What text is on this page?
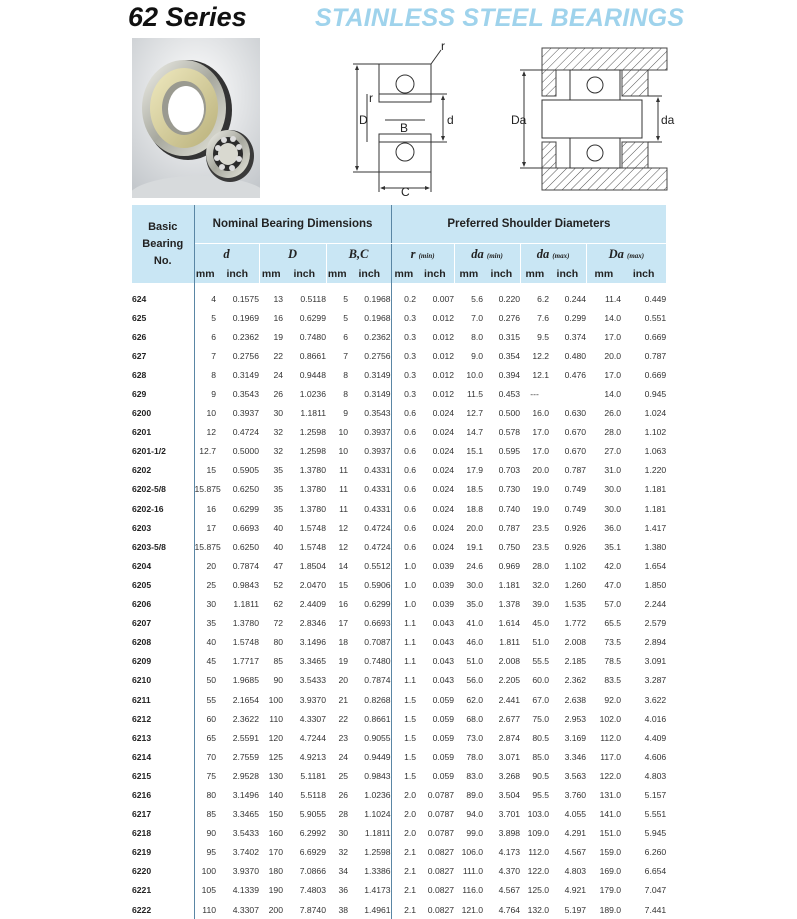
62 Series	STAINLESS STEEL BEARINGS
D
r
B
d
C
r
Da	da
Basic
Bearing
No.	Nominal Bearing Dimensions						Preferred Shoulder Diameters							
	d		D		B,C		r (min)		da (min)		da (max)		Da (max)	
	mm	inch	mm	inch	mm	inch	mm	inch	mm	inch	mm	inch	mm	inch

624	4	0.1575	13	0.5118	5	0.1968	0.2	0.007	5.6	0.220	6.2	0.244	11.4	0.449
625	5	0.1969	16	0.6299	5	0.1968	0.3	0.012	7.0	0.276	7.6	0.299	14.0	0.551
626	6	0.2362	19	0.7480	6	0.2362	0.3	0.012	8.0	0.315	9.5	0.374	17.0	0.669
627	7	0.2756	22	0.8661	7	0.2756	0.3	0.012	9.0	0.354	12.2	0.480	20.0	0.787
628	8	0.3149	24	0.9448	8	0.3149	0.3	0.012	10.0	0.394	12.1	0.476	17.0	0.669
629	9	0.3543	26	1.0236	8	0.3149	0.3	0.012	11.5	0.453	---		14.0	0.945
6200	10	0.3937	30	1.1811	9	0.3543	0.6	0.024	12.7	0.500	16.0	0.630	26.0	1.024
6201	12	0.4724	32	1.2598	10	0.3937	0.6	0.024	14.7	0.578	17.0	0.670	28.0	1.102
6201-1/2	12.7	0.5000	32	1.2598	10	0.3937	0.6	0.024	15.1	0.595	17.0	0.670	27.0	1.063
6202	15	0.5905	35	1.3780	11	0.4331	0.6	0.024	17.9	0.703	20.0	0.787	31.0	1.220
6202-5/8	15.875	0.6250	35	1.3780	11	0.4331	0.6	0.024	18.5	0.730	19.0	0.749	30.0	1.181
6202-16	16	0.6299	35	1.3780	11	0.4331	0.6	0.024	18.8	0.740	19.0	0.749	30.0	1.181
6203	17	0.6693	40	1.5748	12	0.4724	0.6	0.024	20.0	0.787	23.5	0.926	36.0	1.417
6203-5/8	15.875	0.6250	40	1.5748	12	0.4724	0.6	0.024	19.1	0.750	23.5	0.926	35.1	1.380
6204	20	0.7874	47	1.8504	14	0.5512	1.0	0.039	24.6	0.969	28.0	1.102	42.0	1.654
6205	25	0.9843	52	2.0470	15	0.5906	1.0	0.039	30.0	1.181	32.0	1.260	47.0	1.850
6206	30	1.1811	62	2.4409	16	0.6299	1.0	0.039	35.0	1.378	39.0	1.535	57.0	2.244
6207	35	1.3780	72	2.8346	17	0.6693	1.1	0.043	41.0	1.614	45.0	1.772	65.5	2.579
6208	40	1.5748	80	3.1496	18	0.7087	1.1	0.043	46.0	1.811	51.0	2.008	73.5	2.894
6209	45	1.7717	85	3.3465	19	0.7480	1.1	0.043	51.0	2.008	55.5	2.185	78.5	3.091
6210	50	1.9685	90	3.5433	20	0.7874	1.1	0.043	56.0	2.205	60.0	2.362	83.5	3.287
6211	55	2.1654	100	3.9370	21	0.8268	1.5	0.059	62.0	2.441	67.0	2.638	92.0	3.622
6212	60	2.3622	110	4.3307	22	0.8661	1.5	0.059	68.0	2.677	75.0	2.953	102.0	4.016
6213	65	2.5591	120	4.7244	23	0.9055	1.5	0.059	73.0	2.874	80.5	3.169	112.0	4.409
6214	70	2.7559	125	4.9213	24	0.9449	1.5	0.059	78.0	3.071	85.0	3.346	117.0	4.606
6215	75	2.9528	130	5.1181	25	0.9843	1.5	0.059	83.0	3.268	90.5	3.563	122.0	4.803
6216	80	3.1496	140	5.5118	26	1.0236	2.0	0.0787	89.0	3.504	95.5	3.760	131.0	5.157
6217	85	3.3465	150	5.9055	28	1.1024	2.0	0.0787	94.0	3.701	103.0	4.055	141.0	5.551
6218	90	3.5433	160	6.2992	30	1.1811	2.0	0.0787	99.0	3.898	109.0	4.291	151.0	5.945
6219	95	3.7402	170	6.6929	32	1.2598	2.1	0.0827	106.0	4.173	112.0	4.567	159.0	6.260
6220	100	3.9370	180	7.0866	34	1.3386	2.1	0.0827	111.0	4.370	122.0	4.803	169.0	6.654
6221	105	4.1339	190	7.4803	36	1.4173	2.1	0.0827	116.0	4.567	125.0	4.921	179.0	7.047
6222	110	4.3307	200	7.8740	38	1.4961	2.1	0.0827	121.0	4.764	132.0	5.197	189.0	7.441
